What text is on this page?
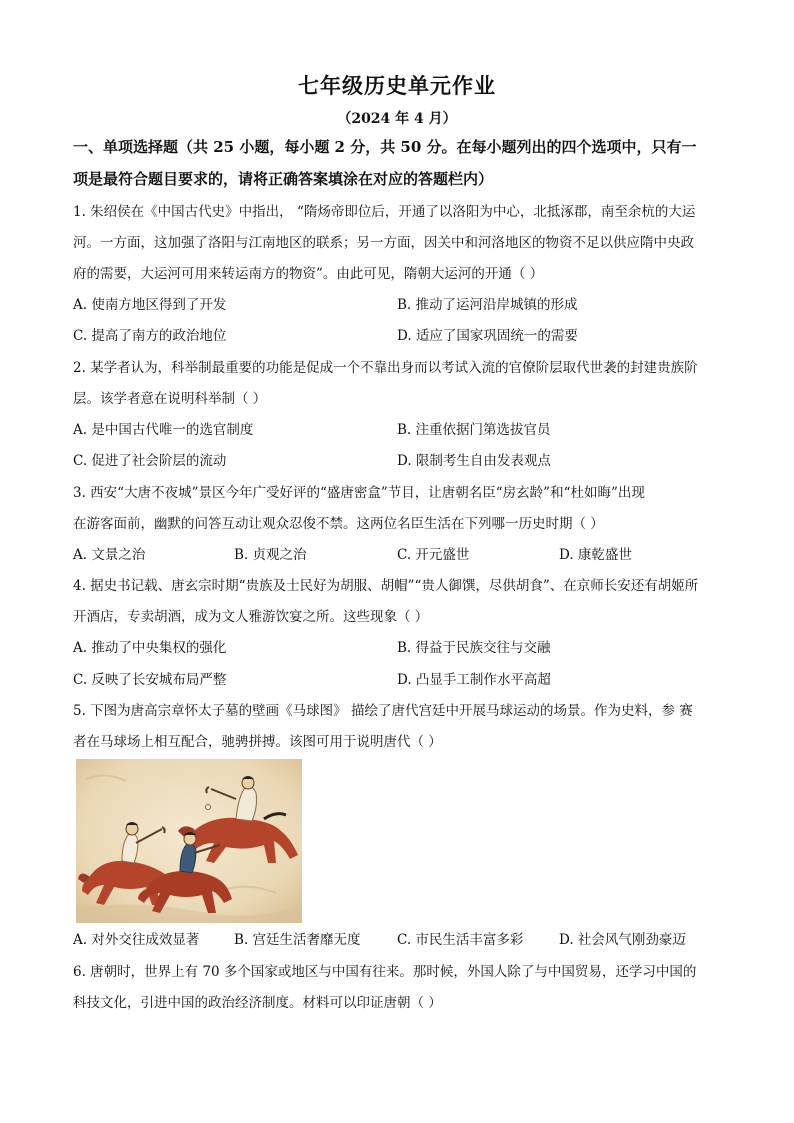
七年级历史单元作业
（2024 年 4 月）
一、单项选择题（共 25 小题，每小题 2 分，共 50 分。在每小题列出的四个选项中，只有一
项是最符合题目要求的，请将正确答案填涂在对应的答题栏内）
1. 朱绍侯在《中国古代史》中指出， “隋炀帝即位后，开通了以洛阳为中心，北抵涿郡，南至余杭的大运
河。一方面，这加强了洛阳与江南地区的联系；另一方面，因关中和河洛地区的物资不足以供应隋中央政
府的需要，大运河可用来转运南方的物资”。由此可见，隋朝大运河的开通（ ）
A. 使南方地区得到了开发	B. 推动了运河沿岸城镇的形成
C. 提高了南方的政治地位	D. 适应了国家巩固统一的需要
2. 某学者认为，科举制最重要的功能是促成一个不靠出身而以考试入流的官僚阶层取代世袭的封建贵族阶
层。该学者意在说明科举制（ ）
A. 是中国古代唯一的选官制度	B. 注重依据门第选拔官员
C. 促进了社会阶层的流动	D. 限制考生自由发表观点
3. 西安“大唐不夜城”景区今年广受好评的“盛唐密盒”节目，让唐朝名臣“房玄龄”和“杜如晦”出现
在游客面前，幽默的问答互动让观众忍俊不禁。这两位名臣生活在下列哪一历史时期（ ）
A. 文景之治	B. 贞观之治	C. 开元盛世	D. 康乾盛世
4. 据史书记载、唐玄宗时期“贵族及士民好为胡服、胡帽”“贵人御馔，尽供胡食”、在京师长安还有胡姬所
开酒店，专卖胡酒，成为文人雅游饮宴之所。这些现象（ ）
A. 推动了中央集权的强化	B. 得益于民族交往与交融
C. 反映了长安城布局严整	D. 凸显手工制作水平高超
5. 下图为唐高宗章怀太子墓的壁画《马球图》 描绘了唐代宫廷中开展马球运动的场景。作为史料，参 赛
者在马球场上相互配合，驰骋拼搏。该图可用于说明唐代（ ）
A. 对外交往成效显著	B. 宫廷生活奢靡无度	C. 市民生活丰富多彩	D. 社会风气刚劲豪迈
6. 唐朝时，世界上有 70 多个国家或地区与中国有往来。那时候，外国人除了与中国贸易，还学习中国的
科技文化，引进中国的政治经济制度。材料可以印证唐朝（ ）
